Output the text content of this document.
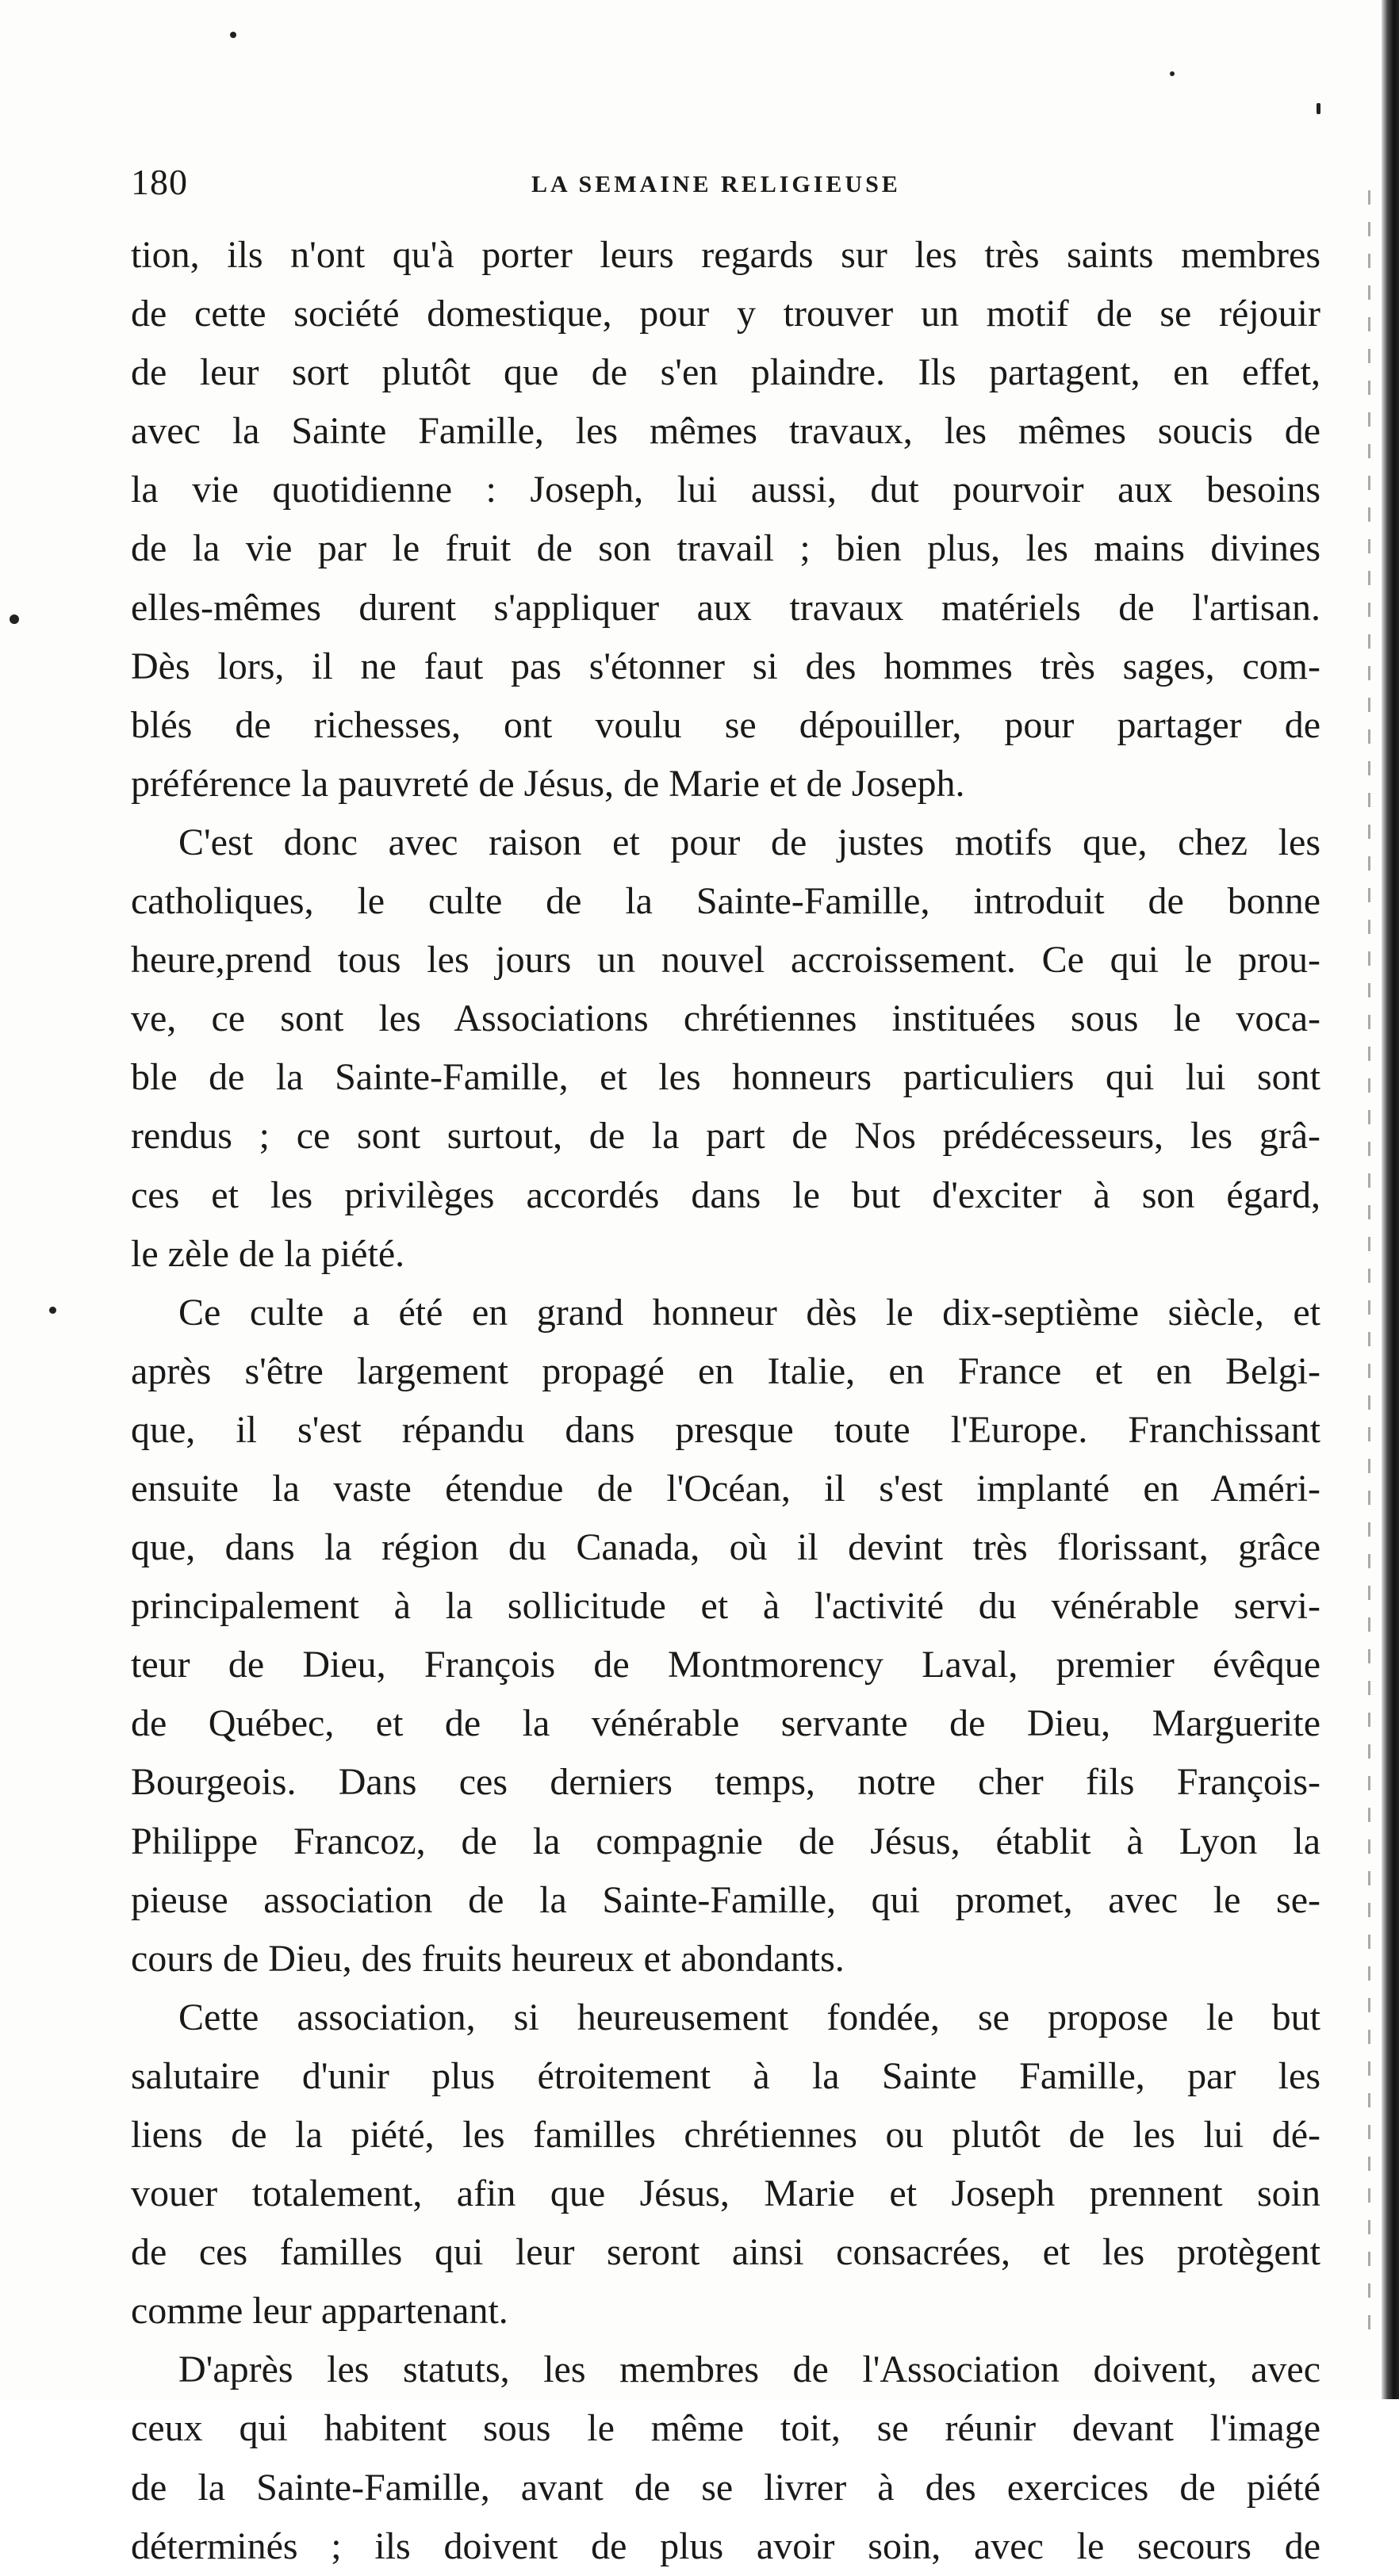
180	LA SEMAINE RELIGIEUSE
tion, ils n'ont qu'à porter leurs regards sur les très saints membres
de cette société domestique, pour y trouver un motif de se réjouir
de leur sort plutôt que de s'en plaindre. Ils partagent, en effet,
avec la Sainte Famille, les mêmes travaux, les mêmes soucis de
la vie quotidienne : Joseph, lui aussi, dut pourvoir aux besoins
de la vie par le fruit de son travail ; bien plus, les mains divines
elles-mêmes durent s'appliquer aux travaux matériels de l'artisan.
Dès lors, il ne faut pas s'étonner si des hommes très sages, com-
blés de richesses, ont voulu se dépouiller, pour partager de
préférence la pauvreté de Jésus, de Marie et de Joseph.
C'est donc avec raison et pour de justes motifs que, chez les
catholiques, le culte de la Sainte-Famille, introduit de bonne
heure,prend tous les jours un nouvel accroissement. Ce qui le prou-
ve, ce sont les Associations chrétiennes instituées sous le voca-
ble de la Sainte-Famille, et les honneurs particuliers qui lui sont
rendus ; ce sont surtout, de la part de Nos prédécesseurs, les grâ-
ces et les privilèges accordés dans le but d'exciter à son égard,
le zèle de la piété.
Ce culte a été en grand honneur dès le dix-septième siècle, et
après s'être largement propagé en Italie, en France et en Belgi-
que, il s'est répandu dans presque toute l'Europe. Franchissant
ensuite la vaste étendue de l'Océan, il s'est implanté en Améri-
que, dans la région du Canada, où il devint très florissant, grâce
principalement à la sollicitude et à l'activité du vénérable servi-
teur de Dieu, François de Montmorency Laval, premier évêque
de Québec, et de la vénérable servante de Dieu, Marguerite
Bourgeois. Dans ces derniers temps, notre cher fils François-
Philippe Francoz, de la compagnie de Jésus, établit à Lyon la
pieuse association de la Sainte-Famille, qui promet, avec le se-
cours de Dieu, des fruits heureux et abondants.
Cette association, si heureusement fondée, se propose le but
salutaire d'unir plus étroitement à la Sainte Famille, par les
liens de la piété, les familles chrétiennes ou plutôt de les lui dé-
vouer totalement, afin que Jésus, Marie et Joseph prennent soin
de ces familles qui leur seront ainsi consacrées, et les protègent
comme leur appartenant.
D'après les statuts, les membres de l'Association doivent, avec
ceux qui habitent sous le même toit, se réunir devant l'image
de la Sainte-Famille, avant de se livrer à des exercices de piété
déterminés ; ils doivent de plus avoir soin, avec le secours de
